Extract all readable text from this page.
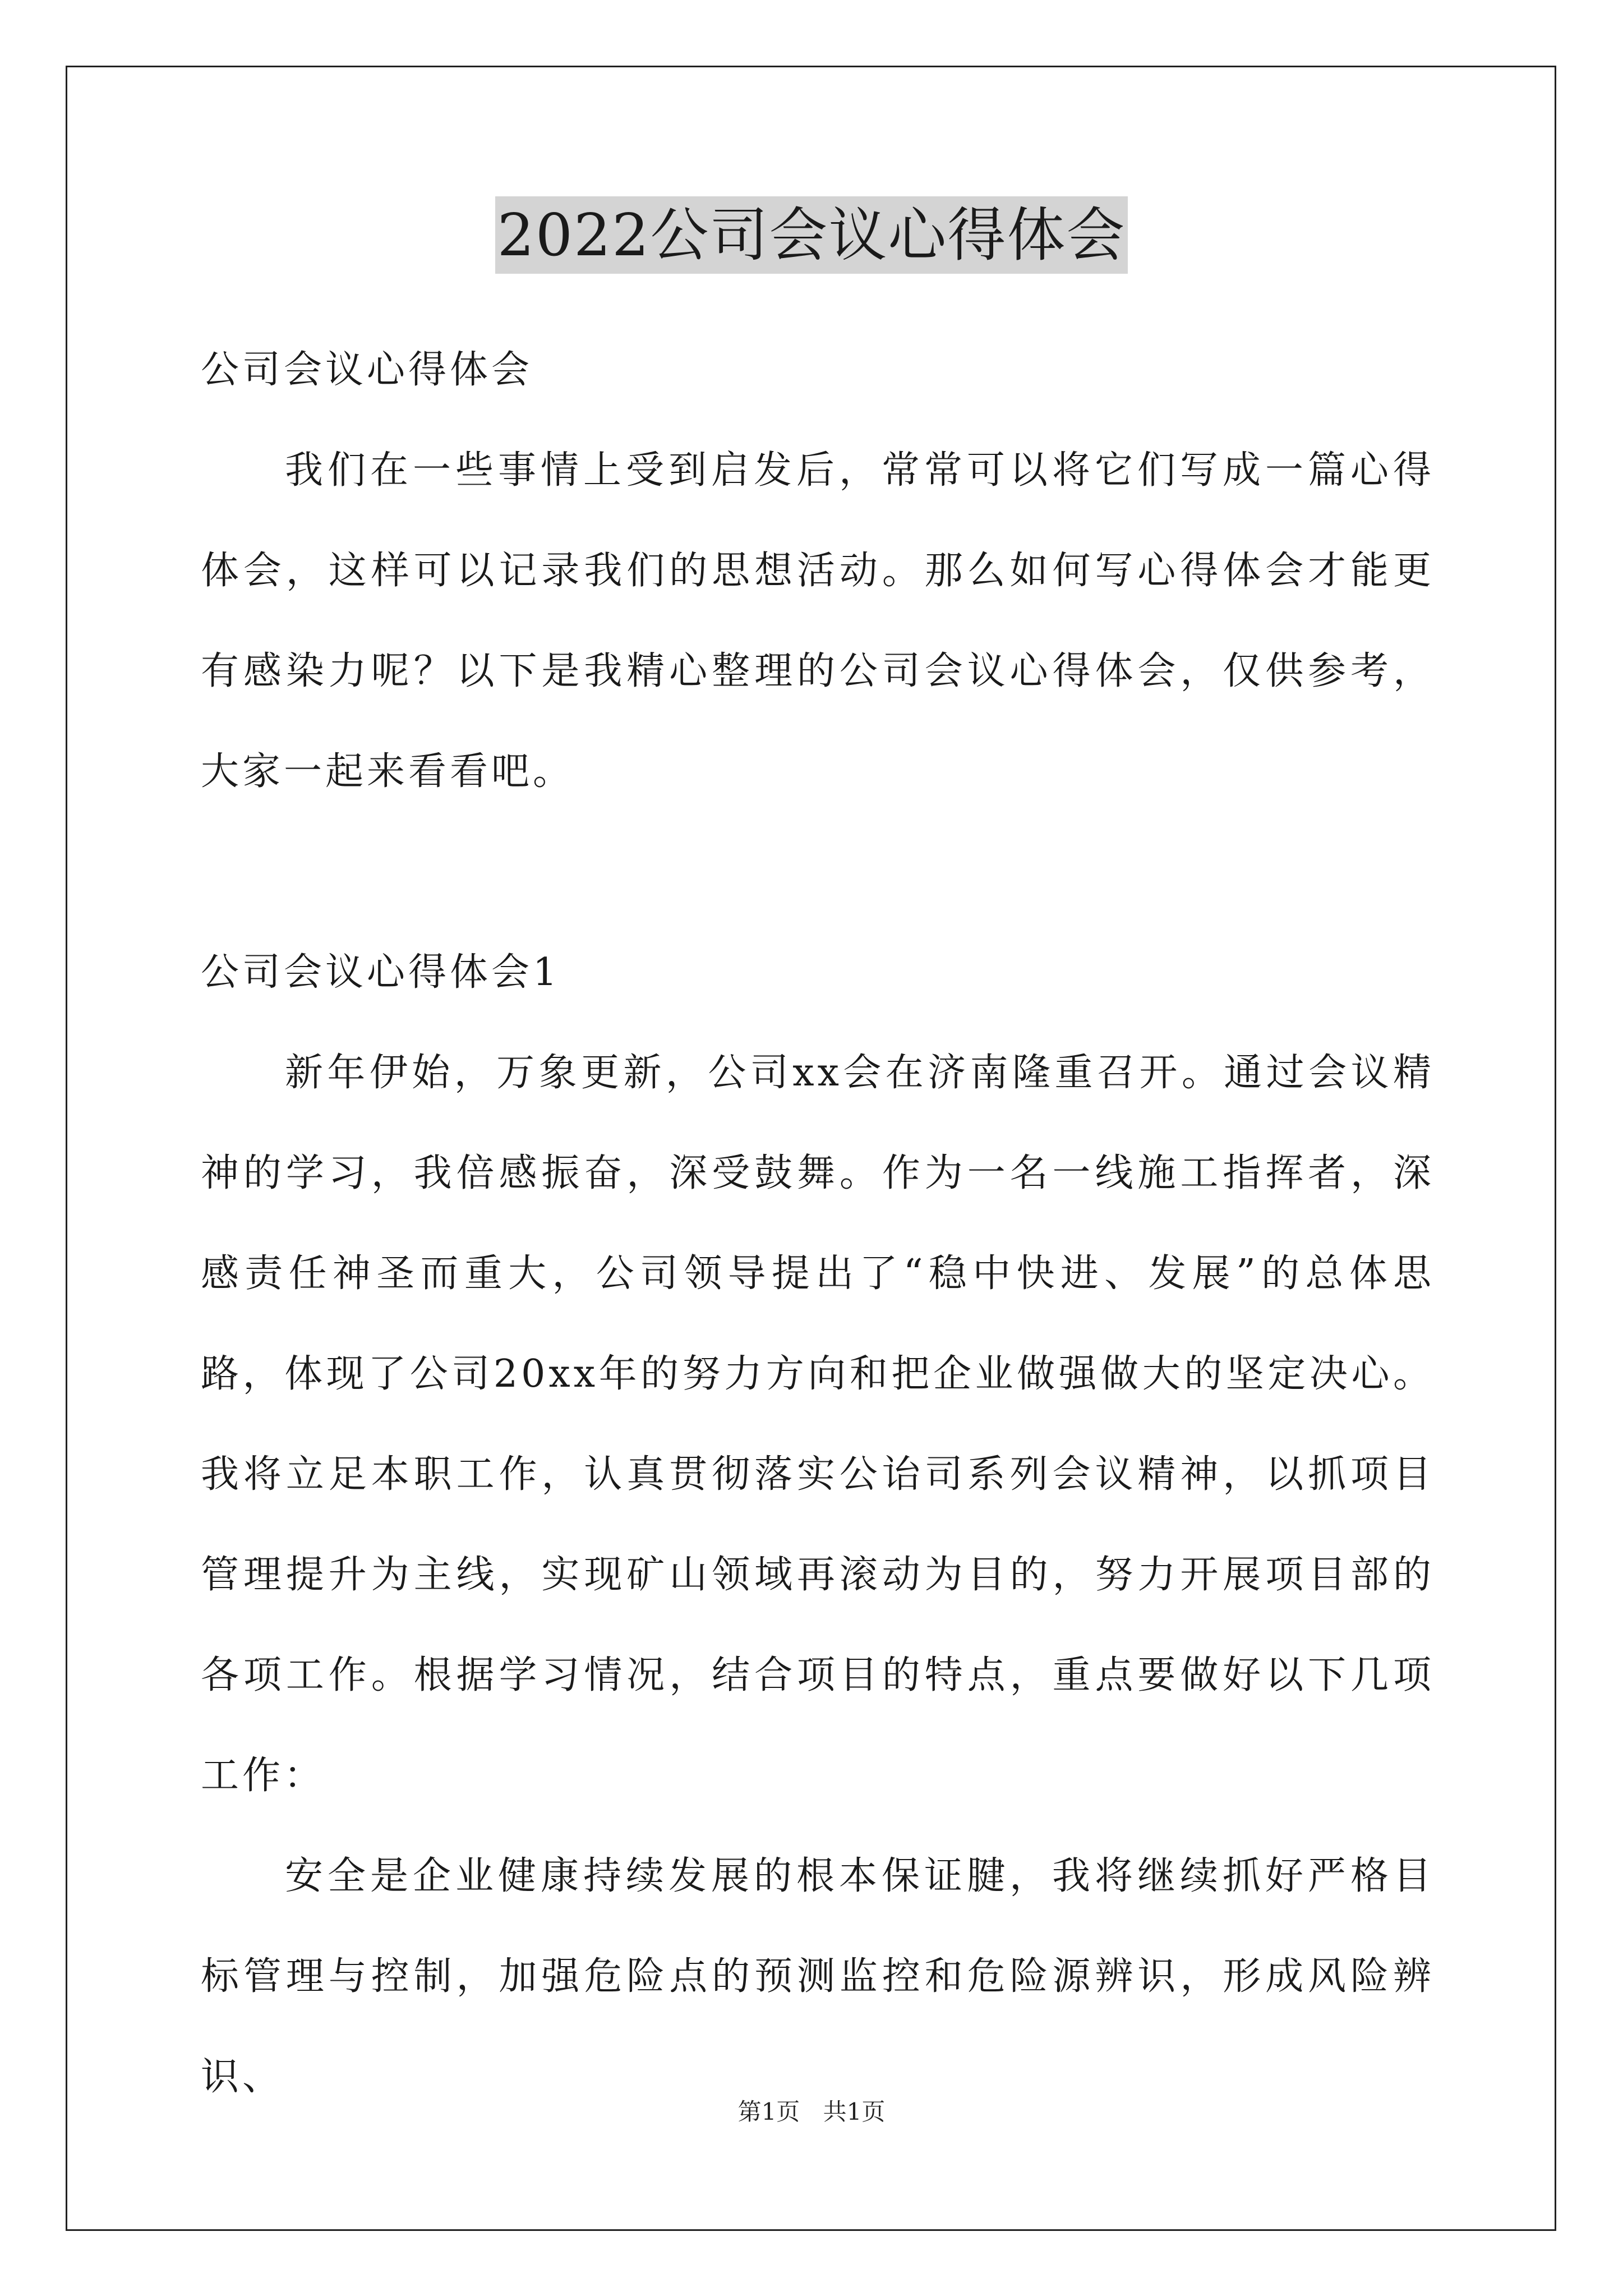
2022公司会议心得体会

公司会议心得体会

我们在一些事情上受到启发后，常常可以将它们写成一篇心得体会，这样可以记录我们的思想活动。那么如何写心得体会才能更有感染力呢？以下是我精心整理的公司会议心得体会，仅供参考，大家一起来看看吧。

公司会议心得体会1

新年伊始，万象更新，公司xx会在济南隆重召开。通过会议精神的学习，我倍感振奋，深受鼓舞。作为一名一线施工指挥者，深感责任神圣而重大，公司领导提出了“稳中快进、发展”的总体思路，体现了公司20xx年的努力方向和把企业做强做大的坚定决心。我将立足本职工作，认真贯彻落实公诒司系列会议精神，以抓项目管理提升为主线，实现矿山领域再滚动为目的，努力开展项目部的各项工作。根据学习情况，结合项目的特点，重点要做好以下几项工作：

安全是企业健康持续发展的根本保证腱，我将继续抓好严格目标管理与控制，加强危险点的预测监控和危险源辨识，形成风险辨识、

第1页 共1页
